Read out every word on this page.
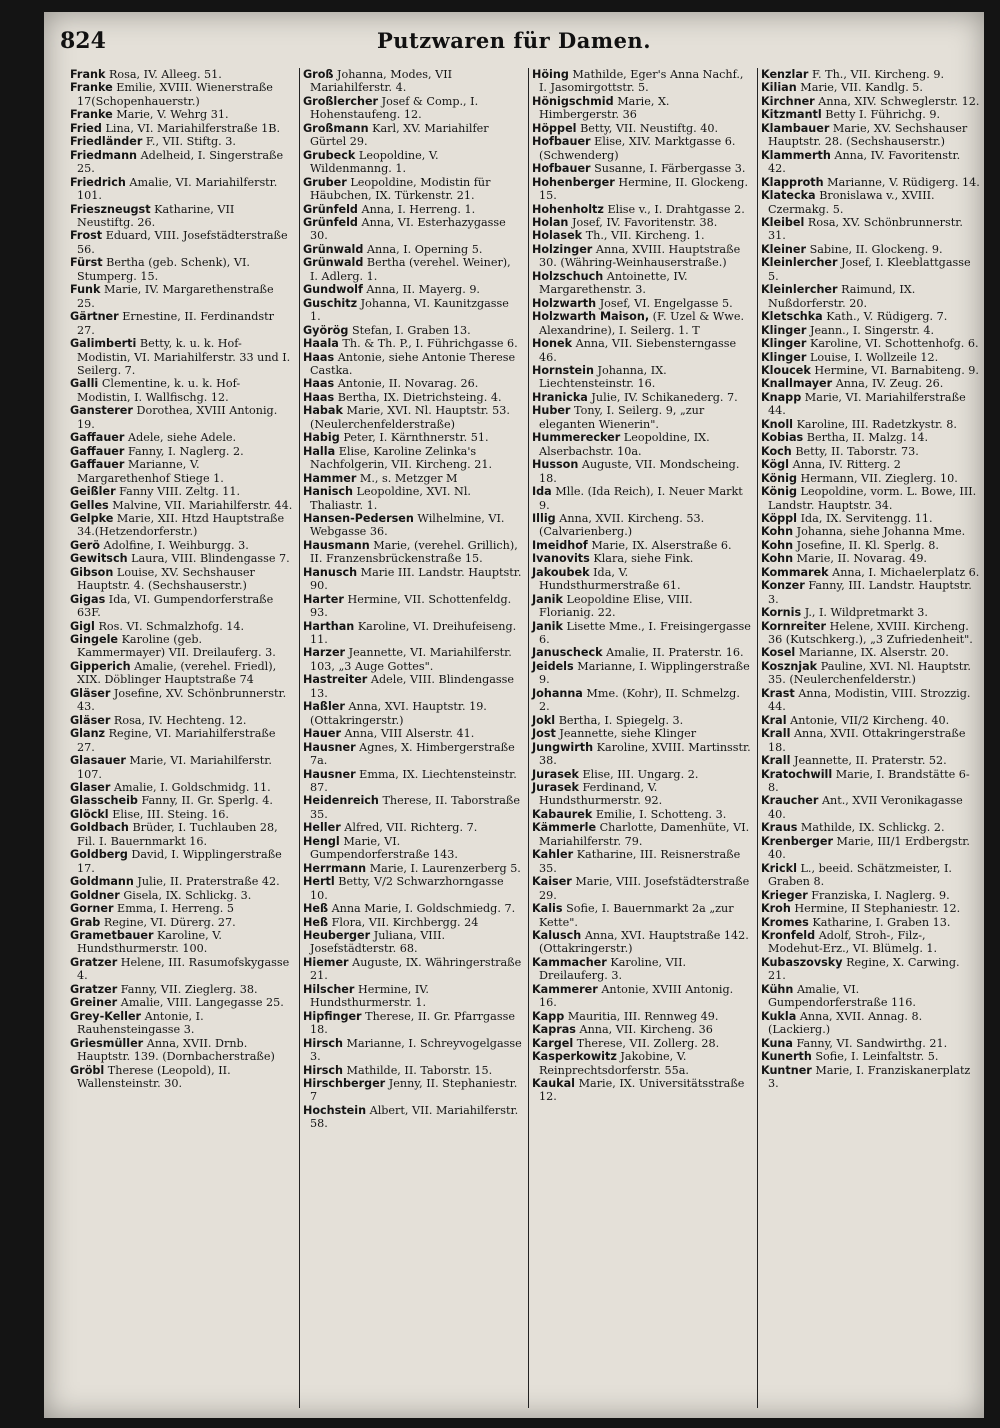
Putzwaren für Damen.
824

Frank Rosa, IV. Alleeg. 51.

Franke Emilie, XVIII. Wienerstraße 17(Schopenhauerstr.)

Franke Marie, V. Wehrg 31.

Fried Lina, VI. Mariahilferstraße 1B.

Friedländer F., VII. Stiftg. 3.

Friedmann Adelheid, I. Singerstraße 25.

Friedrich Amalie, VI. Mariahilferstr. 101.

Frieszneugst Katharine, VII Neustiftg. 26.

Frost Eduard, VIII. Josefstädterstraße 56.

Fürst Bertha (geb. Schenk), VI. Stumperg. 15.

Funk Marie, IV. Margarethenstraße 25.

Gärtner Ernestine, II. Ferdinandstr 27.

Galimberti Betty, k. u. k. Hof-Modistin, VI. Mariahilferstr. 33 und I. Seilerg. 7.

Galli Clementine, k. u. k. Hof-Modistin, I. Wallfischg. 12.

Gansterer Dorothea, XVIII Antonig. 19.

Gaffauer Adele, siehe Adele.

Gaffauer Fanny, I. Naglerg. 2.

Gaffauer Marianne, V. Margarethenhof Stiege 1.

Geißler Fanny VIII. Zeltg. 11.

Gelles Malvine, VII. Mariahilferstr. 44.

Gelpke Marie, XII. Htzd Hauptstraße 34.(Hetzendorferstr.)

Gerö Adolfine, I. Weihburgg. 3.

Gewitsch Laura, VIII. Blindengasse 7.

Gibson Louise, XV. Sechshauser Hauptstr. 4. (Sechshauserstr.)

Gigas Ida, VI. Gumpendorferstraße 63F.

Gigl Ros. VI. Schmalzhofg. 14.

Gingele Karoline (geb. Kammermayer) VII. Dreilauferg. 3.

Gipperich Amalie, (verehel. Friedl), XIX. Döblinger Hauptstraße 74

Gläser Josefine, XV. Schönbrunnerstr. 43.

Gläser Rosa, IV. Hechteng. 12.

Glanz Regine, VI. Mariahilferstraße 27.

Glasauer Marie, VI. Mariahilferstr. 107.

Glaser Amalie, I. Goldschmidg. 11.

Glasscheib Fanny, II. Gr. Sperlg. 4.

Glöckl Elise, III. Steing. 16.

Goldbach Brüder, I. Tuchlauben 28, Fil. I. Bauernmarkt 16.

Goldberg David, I. Wipplingerstraße 17.

Goldmann Julie, II. Praterstraße 42.

Goldner Gisela, IX. Schlickg. 3.

Gorner Emma, I. Herreng. 5

Grab Regine, VI. Dürerg. 27.

Grametbauer Karoline, V. Hundsthurmerstr. 100.

Gratzer Helene, III. Rasumofskygasse 4.

Gratzer Fanny, VII. Zieglerg. 38.

Greiner Amalie, VIII. Langegasse 25.

Grey-Keller Antonie, I. Rauhensteingasse 3.

Griesmüller Anna, XVII. Drnb. Hauptstr. 139. (Dornbacherstraße)

Gröbl Therese (Leopold), II. Wallensteinstr. 30.

Groß Johanna, Modes, VII Mariahilferstr. 4.

Großlercher Josef & Comp., I. Hohenstaufeng. 12.

Großmann Karl, XV. Mariahilfer Gürtel 29.

Grubeck Leopoldine, V. Wildenmanng. 1.

Gruber Leopoldine, Modistin für Häubchen, IX. Türkenstr. 21.

Grünfeld Anna, I. Herreng. 1.

Grünfeld Anna, VI. Esterhazygasse 30.

Grünwald Anna, I. Operning 5.

Grünwald Bertha (verehel. Weiner), I. Adlerg. 1.

Gundwolf Anna, II. Mayerg. 9.

Guschitz Johanna, VI. Kaunitzgasse 1.

Györög Stefan, I. Graben 13.

Haala Th. & Th. P., I. Führichgasse 6.

Haas Antonie, siehe Antonie Therese Castka.

Haas Antonie, II. Novarag. 26.

Haas Bertha, IX. Dietrichsteing. 4.

Habak Marie, XVI. Nl. Hauptstr. 53. (Neulerchenfelderstraße)

Habig Peter, I. Kärnthnerstr. 51.

Halla Elise, Karoline Zelinka's Nachfolgerin, VII. Kircheng. 21.

Hammer M., s. Metzger M

Hanisch Leopoldine, XVI. Nl. Thaliastr. 1.

Hansen-Pedersen Wilhelmine, VI. Webgasse 36.

Hausmann Marie, (verehel. Grillich), II. Franzensbrückenstraße 15.

Hanusch Marie III. Landstr. Hauptstr. 90.

Harter Hermine, VII. Schottenfeldg. 93.

Harthan Karoline, VI. Dreihufeiseng. 11.

Harzer Jeannette, VI. Mariahilferstr. 103, „3 Auge Gottes".

Hastreiter Adele, VIII. Blindengasse 13.

Haßler Anna, XVI. Hauptstr. 19. (Ottakringerstr.)

Hauer Anna, VIII Alserstr. 41.

Hausner Agnes, X. Himbergerstraße 7a.

Hausner Emma, IX. Liechtensteinstr. 87.

Heidenreich Therese, II. Taborstraße 35.

Heller Alfred, VII. Richterg. 7.

Hengl Marie, VI. Gumpendorferstraße 143.

Herrmann Marie, I. Laurenzerberg 5.

Hertl Betty, V/2 Schwarzhorngasse 10.

Heß Anna Marie, I. Goldschmiedg. 7.

Heß Flora, VII. Kirchbergg. 24

Heuberger Juliana, VIII. Josefstädterstr. 68.

Hiemer Auguste, IX. Währingerstraße 21.

Hilscher Hermine, IV. Hundsthurmerstr. 1.

Hipfinger Therese, II. Gr. Pfarrgasse 18.

Hirsch Marianne, I. Schreyvogelgasse 3.

Hirsch Mathilde, II. Taborstr. 15.

Hirschberger Jenny, II. Stephaniestr. 7

Hochstein Albert, VII. Mariahilferstr. 58.

Höing Mathilde, Eger's Anna Nachf., I. Jasomirgottstr. 5.

Hönigschmid Marie, X. Himbergerstr. 36

Höppel Betty, VII. Neustiftg. 40.

Hofbauer Elise, XIV. Marktgasse 6. (Schwenderg)

Hofbauer Susanne, I. Färbergasse 3.

Hohenberger Hermine, II. Glockeng. 15.

Hohenholtz Elise v., I. Drahtgasse 2.

Holan Josef, IV. Favoritenstr. 38.

Holasek Th., VII. Kircheng. 1.

Holzinger Anna, XVIII. Hauptstraße 30. (Währing-Weinhauserstraße.)

Holzschuch Antoinette, IV. Margarethenstr. 3.

Holzwarth Josef, VI. Engelgasse 5.

Holzwarth Maison, (F. Uzel & Wwe. Alexandrine), I. Seilerg. 1. T

Honek Anna, VII. Siebensterngasse 46.

Hornstein Johanna, IX. Liechtensteinstr. 16.

Hranicka Julie, IV. Schikanederg. 7.

Huber Tony, I. Seilerg. 9, „zur eleganten Wienerin".

Hummerecker Leopoldine, IX. Alserbachstr. 10a.

Husson Auguste, VII. Mondscheing. 18.

Ida Mlle. (Ida Reich), I. Neuer Markt 9.

Illig Anna, XVII. Kircheng. 53. (Calvarienberg.)

Imeidhof Marie, IX. Alserstraße 6.

Ivanovits Klara, siehe Fink.

Jakoubek Ida, V. Hundsthurmerstraße 61.

Janik Leopoldine Elise, VIII. Florianig. 22.

Janik Lisette Mme., I. Freisingergasse 6.

Januscheck Amalie, II. Praterstr. 16.

Jeidels Marianne, I. Wipplingerstraße 9.

Johanna Mme. (Kohr), II. Schmelzg. 2.

Jokl Bertha, I. Spiegelg. 3.

Jost Jeannette, siehe Klinger

Jungwirth Karoline, XVIII. Martinsstr. 38.

Jurasek Elise, III. Ungarg. 2.

Jurasek Ferdinand, V. Hundsthurmerstr. 92.

Kabaurek Emilie, I. Schotteng. 3.

Kämmerle Charlotte, Damenhüte, VI. Mariahilferstr. 79.

Kahler Katharine, III. Reisnerstraße 35.

Kaiser Marie, VIII. Josefstädterstraße 29.

Kalis Sofie, I. Bauernmarkt 2a „zur Kette".

Kalusch Anna, XVI. Hauptstraße 142. (Ottakringerstr.)

Kammacher Karoline, VII. Dreilauferg. 3.

Kammerer Antonie, XVIII Antonig. 16.

Kapp Mauritia, III. Rennweg 49.

Kapras Anna, VII. Kircheng. 36

Kargel Therese, VII. Zollerg. 28.

Kasperkowitz Jakobine, V. Reinprechtsdorferstr. 55a.

Kaukal Marie, IX. Universitätsstraße 12.

Kenzlar F. Th., VII. Kircheng. 9.

Kilian Marie, VII. Kandlg. 5.

Kirchner Anna, XIV. Schweglerstr. 12.

Kitzmantl Betty I. Führichg. 9.

Klambauer Marie, XV. Sechshauser Hauptstr. 28. (Sechshauserstr.)

Klammerth Anna, IV. Favoritenstr. 42.

Klapproth Marianne, V. Rüdigerg. 14.

Klatecka Bronislawa v., XVIII. Czermakg. 5.

Kleibel Rosa, XV. Schönbrunnerstr. 31.

Kleiner Sabine, II. Glockeng. 9.

Kleinlercher Josef, I. Kleeblattgasse 5.

Kleinlercher Raimund, IX. Nußdorferstr. 20.

Kletschka Kath., V. Rüdigerg. 7.

Klinger Jeann., I. Singerstr. 4.

Klinger Karoline, VI. Schottenhofg. 6.

Klinger Louise, I. Wollzeile 12.

Kloucek Hermine, VI. Barnabiteng. 9.

Knallmayer Anna, IV. Zeug. 26.

Knapp Marie, VI. Mariahilferstraße 44.

Knoll Karoline, III. Radetzkystr. 8.

Kobias Bertha, II. Malzg. 14.

Koch Betty, II. Taborstr. 73.

Kögl Anna, IV. Ritterg. 2

König Hermann, VII. Zieglerg. 10.

König Leopoldine, vorm. L. Bowe, III. Landstr. Hauptstr. 34.

Köppl Ida, IX. Servitengg. 11.

Kohn Johanna, siehe Johanna Mme.

Kohn Josefine, II. Kl. Sperlg. 8.

Kohn Marie, II. Novarag. 49.

Kommarek Anna, I. Michaelerplatz 6.

Konzer Fanny, III. Landstr. Hauptstr. 3.

Kornis J., I. Wildpretmarkt 3.

Kornreiter Helene, XVIII. Kircheng. 36 (Kutschkerg.), „3 Zufriedenheit".

Kosel Marianne, IX. Alserstr. 20.

Kosznjak Pauline, XVI. Nl. Hauptstr. 35. (Neulerchenfelderstr.)

Krast Anna, Modistin, VIII. Strozzig. 44.

Kral Antonie, VII/2 Kircheng. 40.

Krall Anna, XVII. Ottakringerstraße 18.

Krall Jeannette, II. Praterstr. 52.

Kratochwill Marie, I. Brandstätte 6-8.

Kraucher Ant., XVII Veronikagasse 40.

Kraus Mathilde, IX. Schlickg. 2.

Krenberger Marie, III/1 Erdbergstr. 40.

Krickl L., beeid. Schätzmeister, I. Graben 8.

Krieger Franziska, I. Naglerg. 9.

Kroh Hermine, II Stephaniestr. 12.

Kromes Katharine, I. Graben 13.

Kronfeld Adolf, Stroh-, Filz-, Modehut-Erz., VI. Blümelg. 1.

Kubaszovsky Regine, X. Carwing. 21.

Kühn Amalie, VI. Gumpendorferstraße 116.

Kukla Anna, XVII. Annag. 8. (Lackierg.)

Kuna Fanny, VI. Sandwirthg. 21.

Kunerth Sofie, I. Leinfaltstr. 5.

Kuntner Marie, I. Franziskanerplatz 3.
